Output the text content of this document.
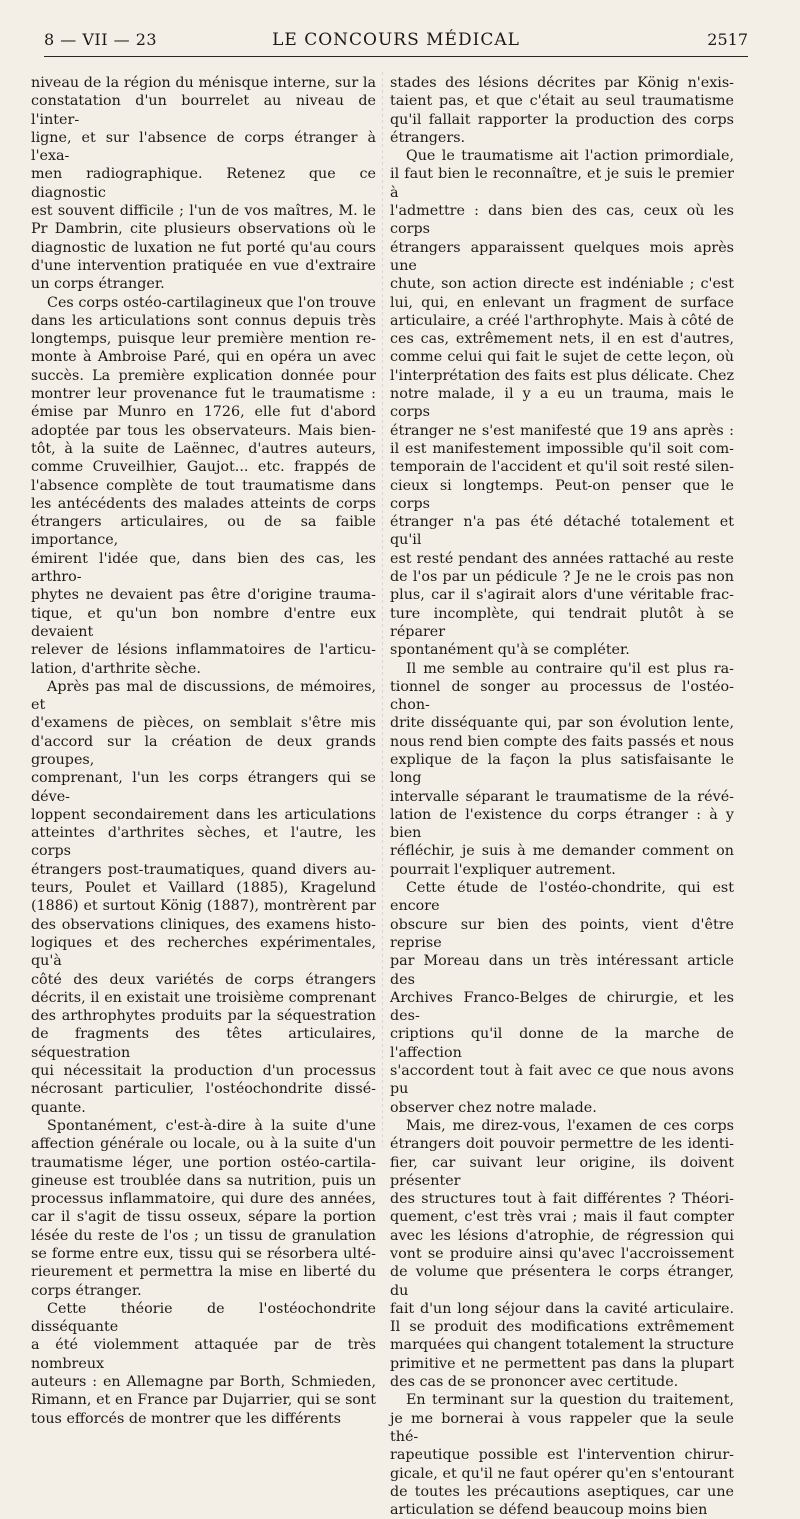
8 — VII — 23	LE CONCOURS MÉDICAL	2517

niveau de la région du ménisque interne, sur la
constatation d'un bourrelet au niveau de l'inter-
ligne, et sur l'absence de corps étranger à l'exa-
men radiographique. Retenez que ce diagnostic
est souvent difficile ; l'un de vos maîtres, M. le
Pr Dambrin, cite plusieurs observations où le
diagnostic de luxation ne fut porté qu'au cours
d'une intervention pratiquée en vue d'extraire
un corps étranger.

Ces corps ostéo-cartilagineux que l'on trouve
dans les articulations sont connus depuis très
longtemps, puisque leur première mention re-
monte à Ambroise Paré, qui en opéra un avec
succès. La première explication donnée pour
montrer leur provenance fut le traumatisme :
émise par Munro en 1726, elle fut d'abord
adoptée par tous les observateurs. Mais bien-
tôt, à la suite de Laënnec, d'autres auteurs,
comme Cruveilhier, Gaujot... etc. frappés de
l'absence complète de tout traumatisme dans
les antécédents des malades atteints de corps
étrangers articulaires, ou de sa faible importance,
émirent l'idée que, dans bien des cas, les arthro-
phytes ne devaient pas être d'origine trauma-
tique, et qu'un bon nombre d'entre eux devaient
relever de lésions inflammatoires de l'articu-
lation, d'arthrite sèche.

Après pas mal de discussions, de mémoires, et
d'examens de pièces, on semblait s'être mis
d'accord sur la création de deux grands groupes,
comprenant, l'un les corps étrangers qui se déve-
loppent secondairement dans les articulations
atteintes d'arthrites sèches, et l'autre, les corps
étrangers post-traumatiques, quand divers au-
teurs, Poulet et Vaillard (1885), Kragelund
(1886) et surtout König (1887), montrèrent par
des observations cliniques, des examens histo-
logiques et des recherches expérimentales, qu'à
côté des deux variétés de corps étrangers
décrits, il en existait une troisième comprenant
des arthrophytes produits par la séquestration
de fragments des têtes articulaires, séquestration
qui nécessitait la production d'un processus
nécrosant particulier, l'ostéochondrite dissé-
quante.

Spontanément, c'est-à-dire à la suite d'une
affection générale ou locale, ou à la suite d'un
traumatisme léger, une portion ostéo-cartila-
gineuse est troublée dans sa nutrition, puis un
processus inflammatoire, qui dure des années,
car il s'agit de tissu osseux, sépare la portion
lésée du reste de l'os ; un tissu de granulation
se forme entre eux, tissu qui se résorbera ulté-
rieurement et permettra la mise en liberté du
corps étranger.

Cette théorie de l'ostéochondrite disséquante
a été violemment attaquée par de très nombreux
auteurs : en Allemagne par Borth, Schmieden,
Rimann, et en France par Dujarrier, qui se sont
tous efforcés de montrer que les différents

stades des lésions décrites par König n'exis-
taient pas, et que c'était au seul traumatisme
qu'il fallait rapporter la production des corps
étrangers.

Que le traumatisme ait l'action primordiale,
il faut bien le reconnaître, et je suis le premier à
l'admettre : dans bien des cas, ceux où les corps
étrangers apparaissent quelques mois après une
chute, son action directe est indéniable ; c'est
lui, qui, en enlevant un fragment de surface
articulaire, a créé l'arthrophyte. Mais à côté de
ces cas, extrêmement nets, il en est d'autres,
comme celui qui fait le sujet de cette leçon, où
l'interprétation des faits est plus délicate. Chez
notre malade, il y a eu un trauma, mais le corps
étranger ne s'est manifesté que 19 ans après :
il est manifestement impossible qu'il soit com-
temporain de l'accident et qu'il soit resté silen-
cieux si longtemps. Peut-on penser que le corps
étranger n'a pas été détaché totalement et qu'il
est resté pendant des années rattaché au reste
de l'os par un pédicule ? Je ne le crois pas non
plus, car il s'agirait alors d'une véritable frac-
ture incomplète, qui tendrait plutôt à se réparer
spontanément qu'à se compléter.

Il me semble au contraire qu'il est plus ra-
tionnel de songer au processus de l'ostéo-chon-
drite disséquante qui, par son évolution lente,
nous rend bien compte des faits passés et nous
explique de la façon la plus satisfaisante le long
intervalle séparant le traumatisme de la révé-
lation de l'existence du corps étranger : à y bien
réfléchir, je suis à me demander comment on
pourrait l'expliquer autrement.

Cette étude de l'ostéo-chondrite, qui est encore
obscure sur bien des points, vient d'être reprise
par Moreau dans un très intéressant article des
Archives Franco-Belges de chirurgie, et les des-
criptions qu'il donne de la marche de l'affection
s'accordent tout à fait avec ce que nous avons pu
observer chez notre malade.

Mais, me direz-vous, l'examen de ces corps
étrangers doit pouvoir permettre de les identi-
fier, car suivant leur origine, ils doivent présenter
des structures tout à fait différentes ? Théori-
quement, c'est très vrai ; mais il faut compter
avec les lésions d'atrophie, de régression qui
vont se produire ainsi qu'avec l'accroissement
de volume que présentera le corps étranger, du
fait d'un long séjour dans la cavité articulaire.
Il se produit des modifications extrêmement
marquées qui changent totalement la structure
primitive et ne permettent pas dans la plupart
des cas de se prononcer avec certitude.

En terminant sur la question du traitement,
je me bornerai à vous rappeler que la seule thé-
rapeutique possible est l'intervention chirur-
gicale, et qu'il ne faut opérer qu'en s'entourant
de toutes les précautions aseptiques, car une
articulation se défend beaucoup moins bien
